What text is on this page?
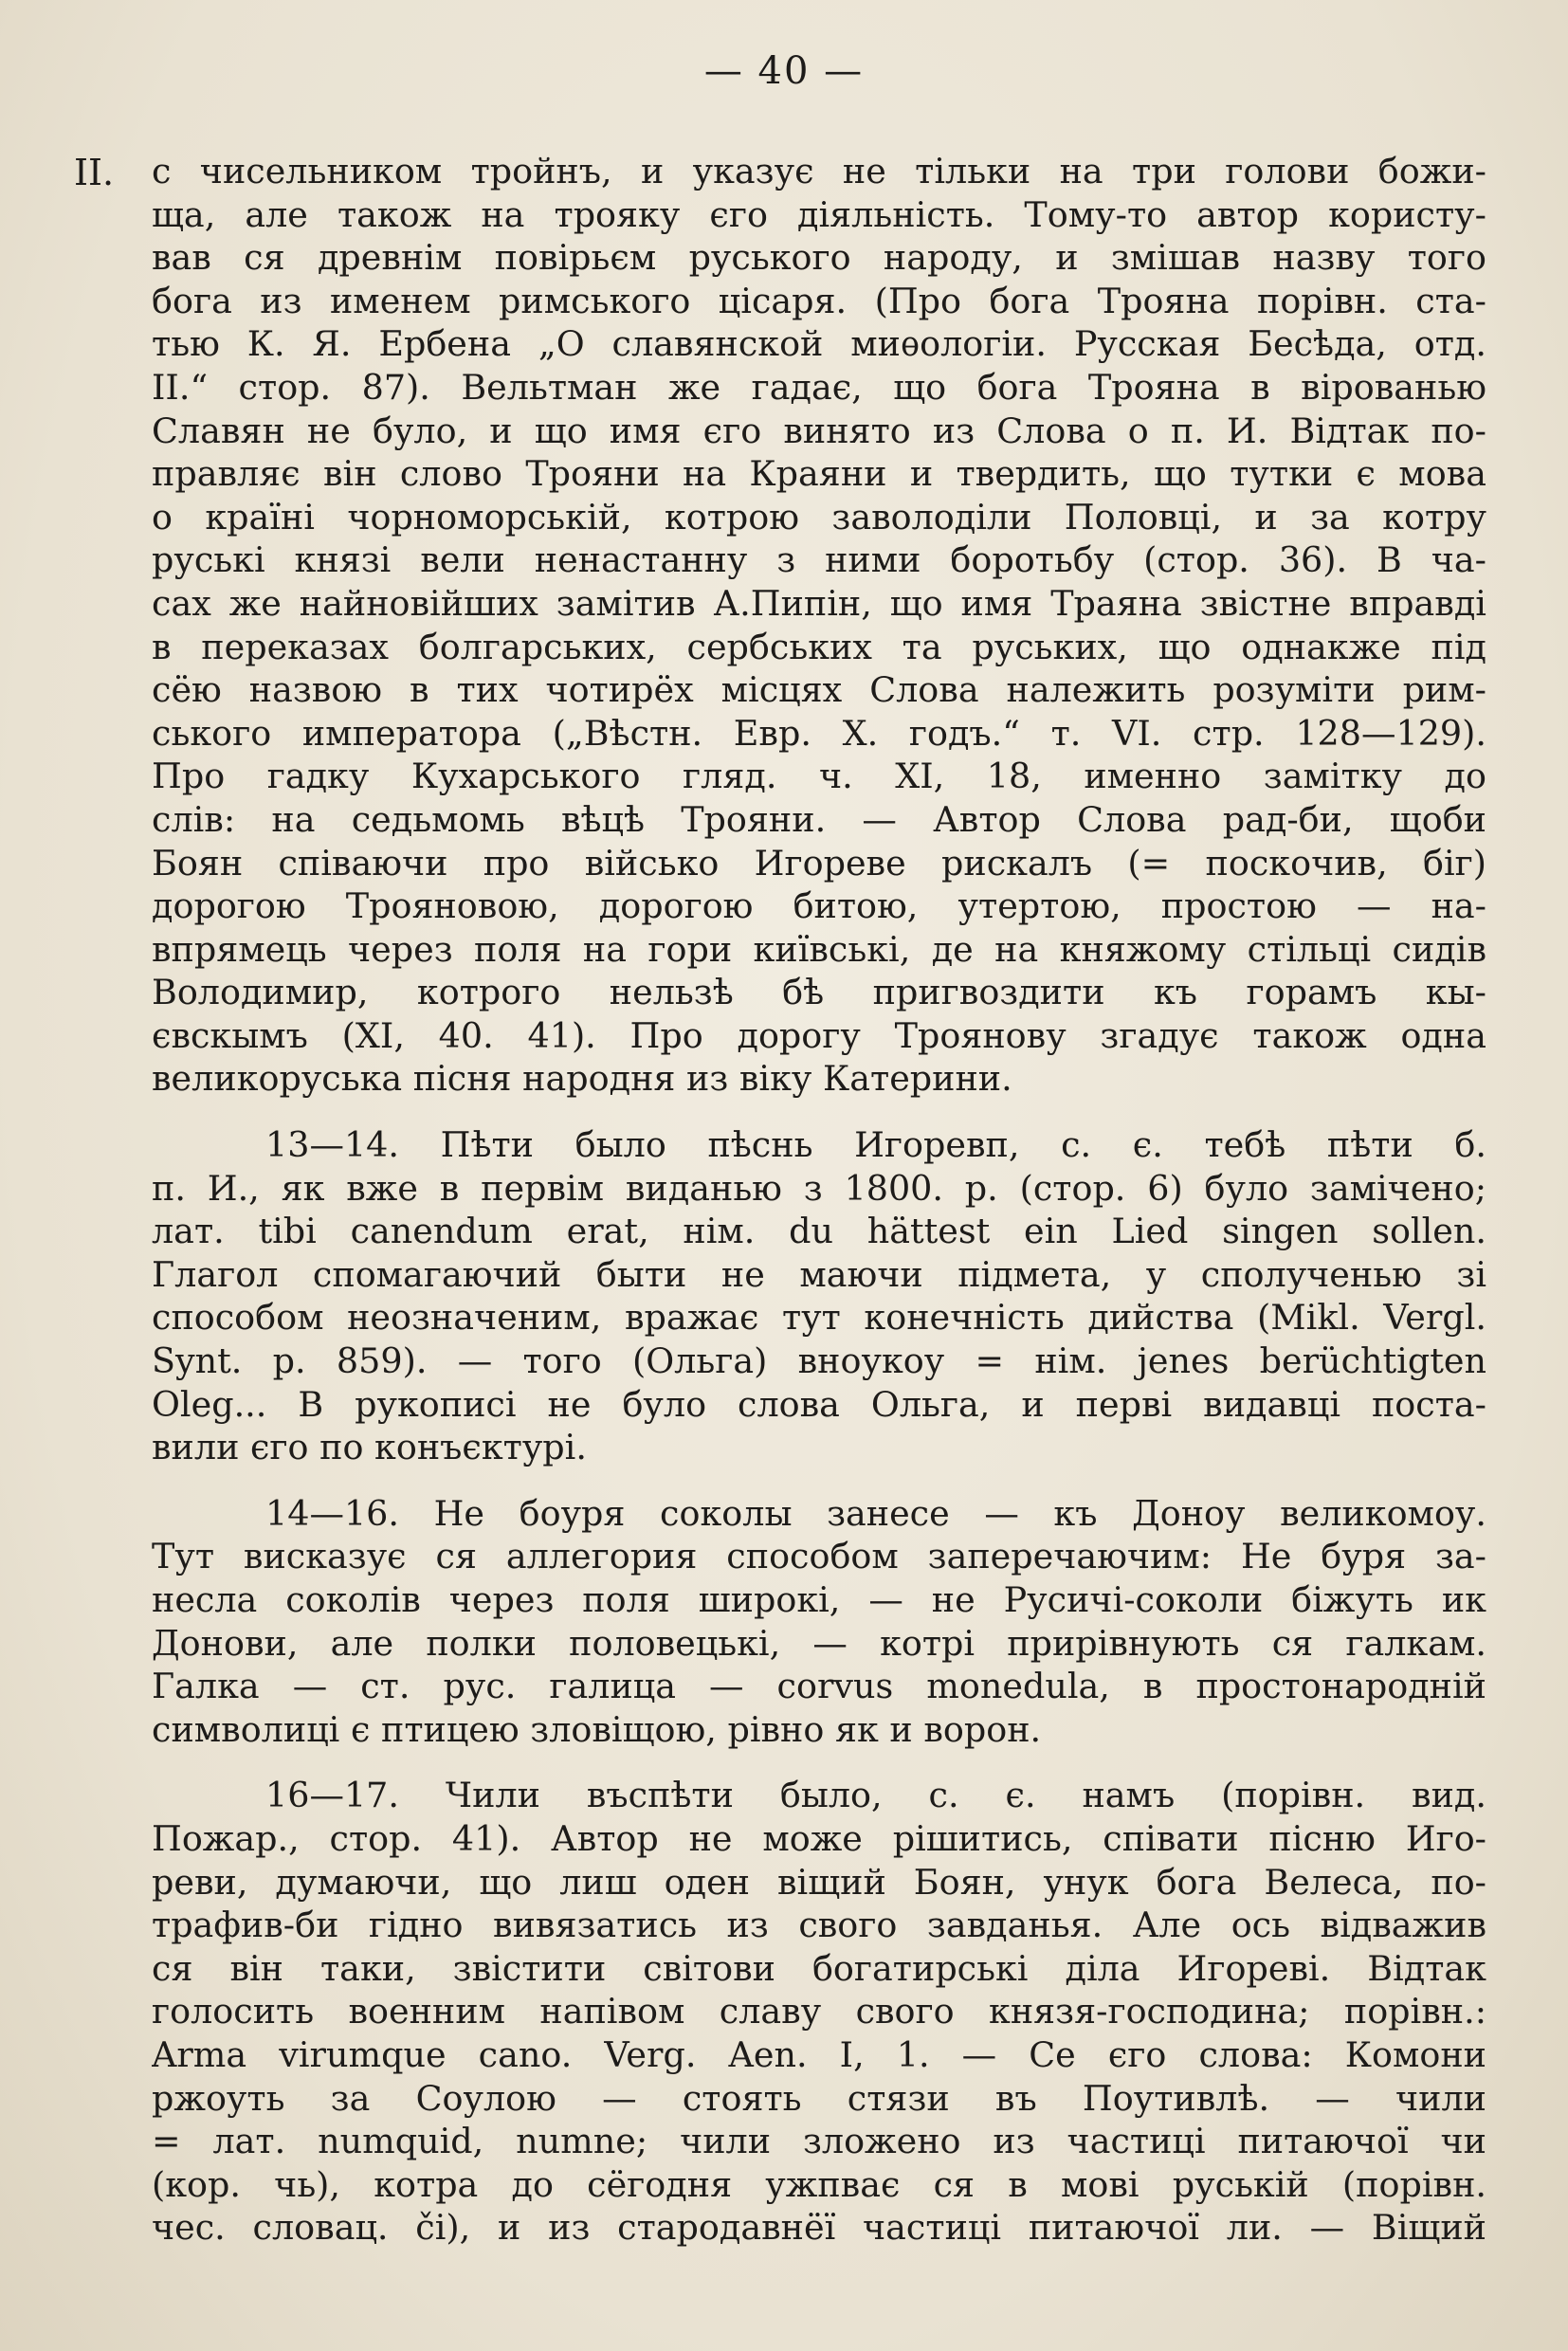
— 40 —
II. с чисельником тройнъ, и указує не тільки на три голови божи-
ща, але також на трояку єго діяльність. Тому-то автор користу-
вав ся древнім повірьєм руського народу, и змішав назву того
бога из именем римського цісаря. (Про бога Трояна порівн. ста-
тью К. Я. Ербена „О славянской миѳологіи. Русская Бесѣда, отд.
II.“ стор. 87). Вельтман же гадає, що бога Трояна в вірованью
Славян не було, и що имя єго винято из Слова о п. И. Відтак по-
правляє він слово Трояни на Краяни и твердить, що тутки є мова
о країні чорноморській, котрою заволоділи Половці, и за котру
руські князі вели ненастанну з ними боротьбу (стор. 36). В ча-
сах же найновійших замітив А.Пипін, що имя Траяна звістне вправді
в переказах болгарських, сербських та руських, що однакже під
сёю назвою в тих чотирёх місцях Слова належить розуміти рим-
ського императора („Вѣстн. Евр. X. годъ.“ т. VI. стр. 128—129).
Про гадку Кухарського гляд. ч. XI, 18, именно замітку до
слів: на седьмомь вѣцѣ Трояни. — Автор Слова рад-би, щоби
Боян співаючи про військо Игореве рискалъ (= поскочив, біг)
дорогою Трояновою, дорогою битою, утертою, простою — на-
впрямець через поля на гори київські, де на княжому стільці сидів
Володимир, котрого нельзѣ бѣ пригвоздити къ горамъ кы-
євскымъ (XI, 40. 41). Про дорогу Троянову згадує також одна
великоруська пісня народня из віку Катерини.
13—14. Пѣти было пѣснь Игоревп, с. є. тебѣ пѣти б.
п. И., як вже в первім виданью з 1800. р. (стор. 6) було замічено;
лат. tibi canendum erat, нім. du hättest ein Lied singen sollen.
Глагол спомагаючий быти не маючи підмета, у сполученью зі
способом неозначеним, вражає тут конечність дийства (Mikl. Vergl.
Synt. p. 859). — того (Ольга) вноукоу = нім. jenes berüchtigten
Oleg... В рукописі не було слова Ольга, и первi видавці поста-
вили єго по конъєктурі.
14—16. Не боуря соколы занесе — къ Доноу великомоу.
Тут висказує ся аллегория способом заперечаючим: Не буря за-
несла соколів через поля широкі, — не Русичі-соколи біжуть ик
Донови, але полки половецькі, — котрі прирівнують ся галкам.
Галка — ст. рус. галица — corvus monedula, в простонародній
символиці є птицею зловіщою, рівно як и ворон.
16—17. Чили въспѣти было, с. є. намъ (порівн. вид.
Пожар., стор. 41). Автор не може рішитись, співати пісню Иго-
реви, думаючи, що лиш оден віщий Боян, унук бога Велеса, по-
трафив-би гідно вивязатись из свого завданья. Але ось відважив
ся він таки, звістити світови богатирські діла Игореві. Відтак
голосить военним напівом славу свого князя-господина; порівн.:
Arma virumque cano. Verg. Aen. I, 1. — Се єго слова: Комони
ржоуть за Соулою — стоять стязи въ Поутивлѣ. — чили
= лат. numquid, numne; чили зложено из частиці питаючої чи
(кор. чь), котра до сёгодня ужпває ся в мові руській (порівн.
чес. словац. či), и из стародавнёї частиці питаючої ли. — Віщий
